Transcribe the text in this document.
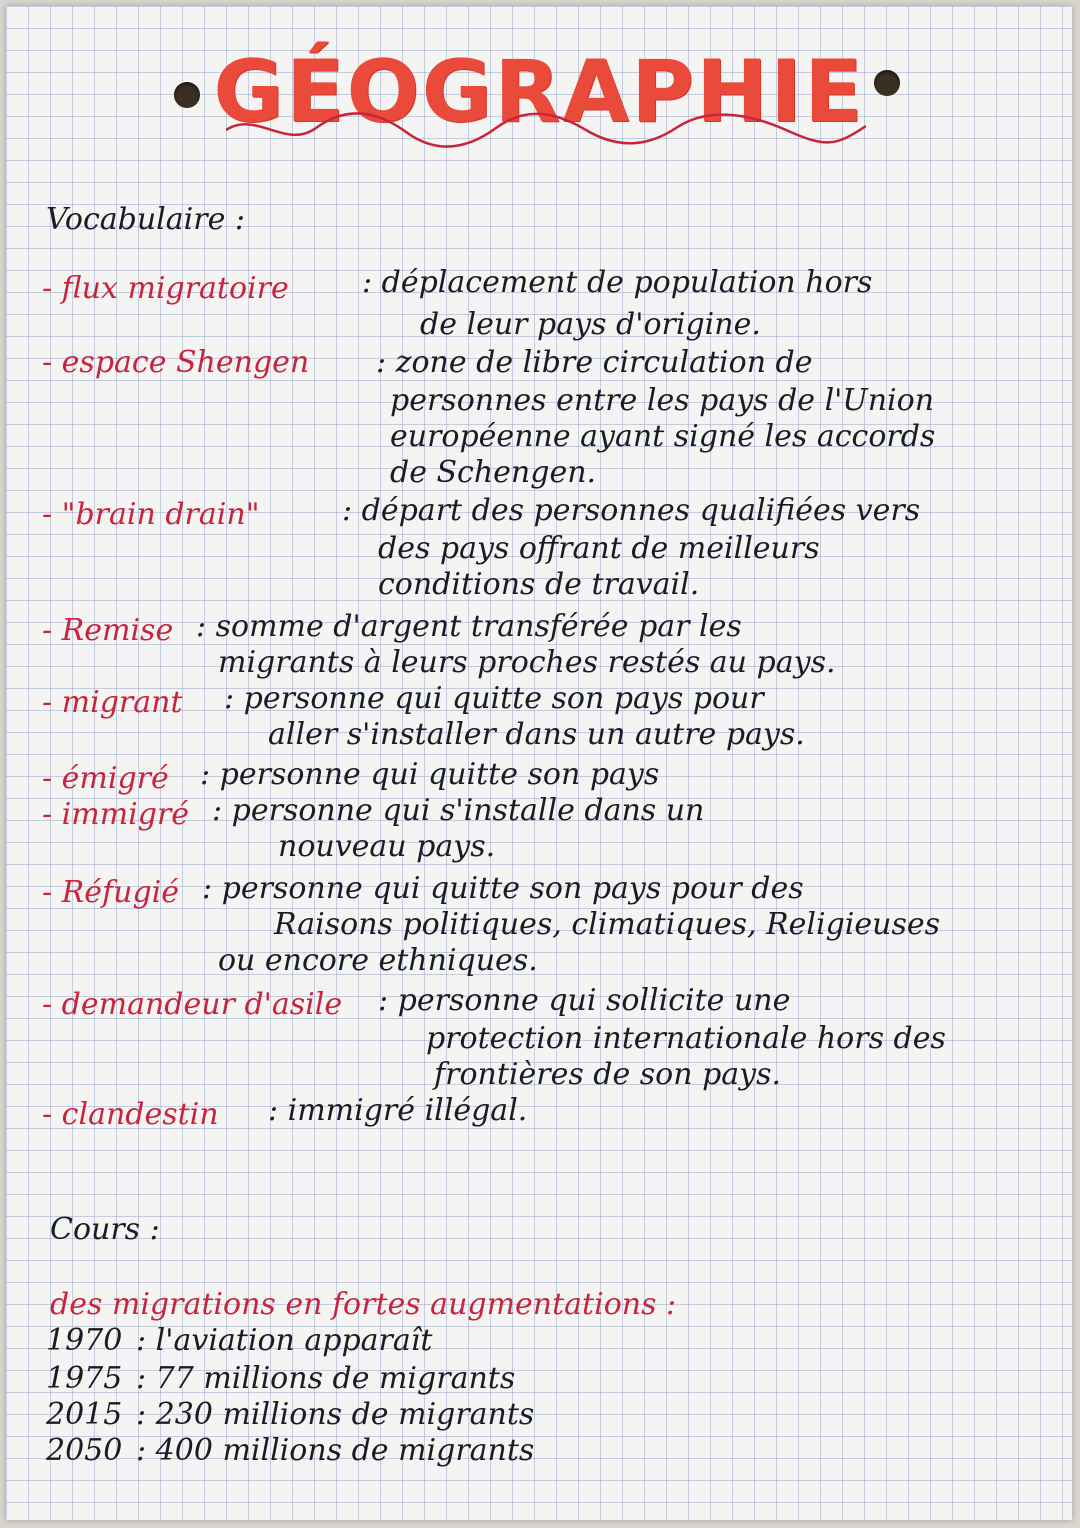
GÉOGRAPHIE
Vocabulaire :
- flux migratoire : déplacement de population hors
de leur pays d'origine.
- espace Shengen : zone de libre circulation de
personnes entre les pays de l'Union
européenne ayant signé les accords
de Schengen.
- "brain drain"	: départ des personnes qualifiées vers
des pays offrant de meilleurs
conditions de travail.
- Remise : somme d'argent transférée par les
migrants à leurs proches restés au pays.
- migrant : personne qui quitte son pays pour
aller s'installer dans un autre pays.
- émigré : personne qui quitte son pays
- immigré : personne qui s'installe dans un
nouveau pays.
- Réfugié : personne qui quitte son pays pour des
Raisons politiques, climatiques, Religieuses
ou encore ethniques.
- demandeur d'asile : personne qui sollicite une
protection internationale hors des
frontières de son pays.
- clandestin : immigré illégal.
Cours :
des migrations en fortes augmentations :
1970 : l'aviation apparaît
1975 : 77 millions de migrants
2015 : 230 millions de migrants
2050 : 400 millions de migrants
